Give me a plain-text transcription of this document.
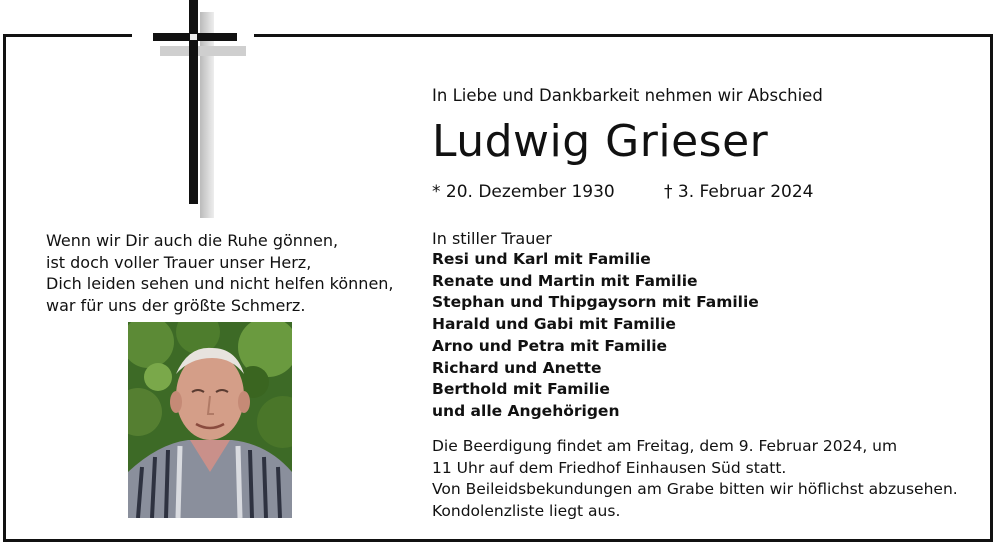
Wenn wir Dir auch die Ruhe gönnen,
ist doch voller Trauer unser Herz,
Dich leiden sehen und nicht helfen können,
war für uns der größte Schmerz.
In Liebe und Dankbarkeit nehmen wir Abschied
Ludwig Grieser
* 20. Dezember 1930	† 3. Februar 2024
In stiller Trauer
Resi und Karl mit Familie
Renate und Martin mit Familie
Stephan und Thipgaysorn mit Familie
Harald und Gabi mit Familie
Arno und Petra mit Familie
Richard und Anette
Berthold mit Familie
und alle Angehörigen
Die Beerdigung findet am Freitag, dem 9. Februar 2024, um
11 Uhr auf dem Friedhof Einhausen Süd statt.
Von Beileidsbekundungen am Grabe bitten wir höflichst abzusehen.
Kondolenzliste liegt aus.
